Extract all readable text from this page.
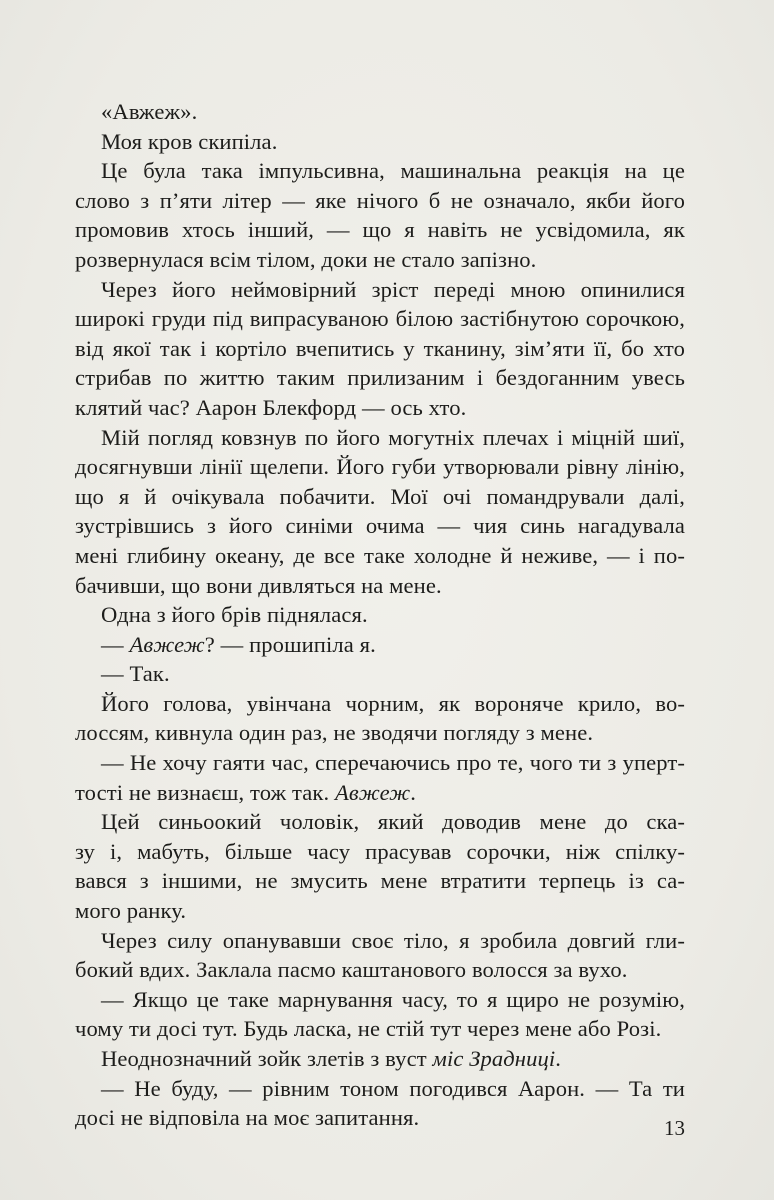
«Авжеж».
Моя кров скипіла.
Це була така імпульсивна, машинальна реакція на це
слово з п’яти літер — яке нічого б не означало, якби його
промовив хтось інший, — що я навіть не усвідомила, як
розвернулася всім тілом, доки не стало запізно.
Через його неймовірний зріст переді мною опинилися
широкі груди під випрасуваною білою застібнутою сорочкою,
від якої так і кортіло вчепитись у тканину, зім’яти її, бо хто
стрибав по життю таким прилизаним і бездоганним увесь
клятий час? Аарон Блекфорд — ось хто.
Мій погляд ковзнув по його могутніх плечах і міцній шиї,
досягнувши лінії щелепи. Його губи утворювали рівну лінію,
що я й очікувала побачити. Мої очі помандрували далі,
зустрівшись з його синіми очима — чия синь нагадувала
мені глибину океану, де все таке холодне й неживе, — і по-
бачивши, що вони дивляться на мене.
Одна з його брів піднялася.
— Авжеж? — прошипіла я.
— Так.
Його голова, увінчана чорним, як вороняче крило, во-
лоссям, кивнула один раз, не зводячи погляду з мене.
— Не хочу гаяти час, сперечаючись про те, чого ти з уперт-
тості не визнаєш, тож так. Авжеж.
Цей синьоокий чоловік, який доводив мене до ска-
зу і, мабуть, більше часу прасував сорочки, ніж спілку-
вався з іншими, не змусить мене втратити терпець із са-
мого ранку.
Через силу опанувавши своє тіло, я зробила довгий гли-
бокий вдих. Заклала пасмо каштанового волосся за вухо.
— Якщо це таке марнування часу, то я щиро не розумію,
чому ти досі тут. Будь ласка, не стій тут через мене або Розі.
Неоднозначний зойк злетів з вуст міс Зрадниці.
— Не буду, — рівним тоном погодився Аарон. — Та ти
досі не відповіла на моє запитання.	13
